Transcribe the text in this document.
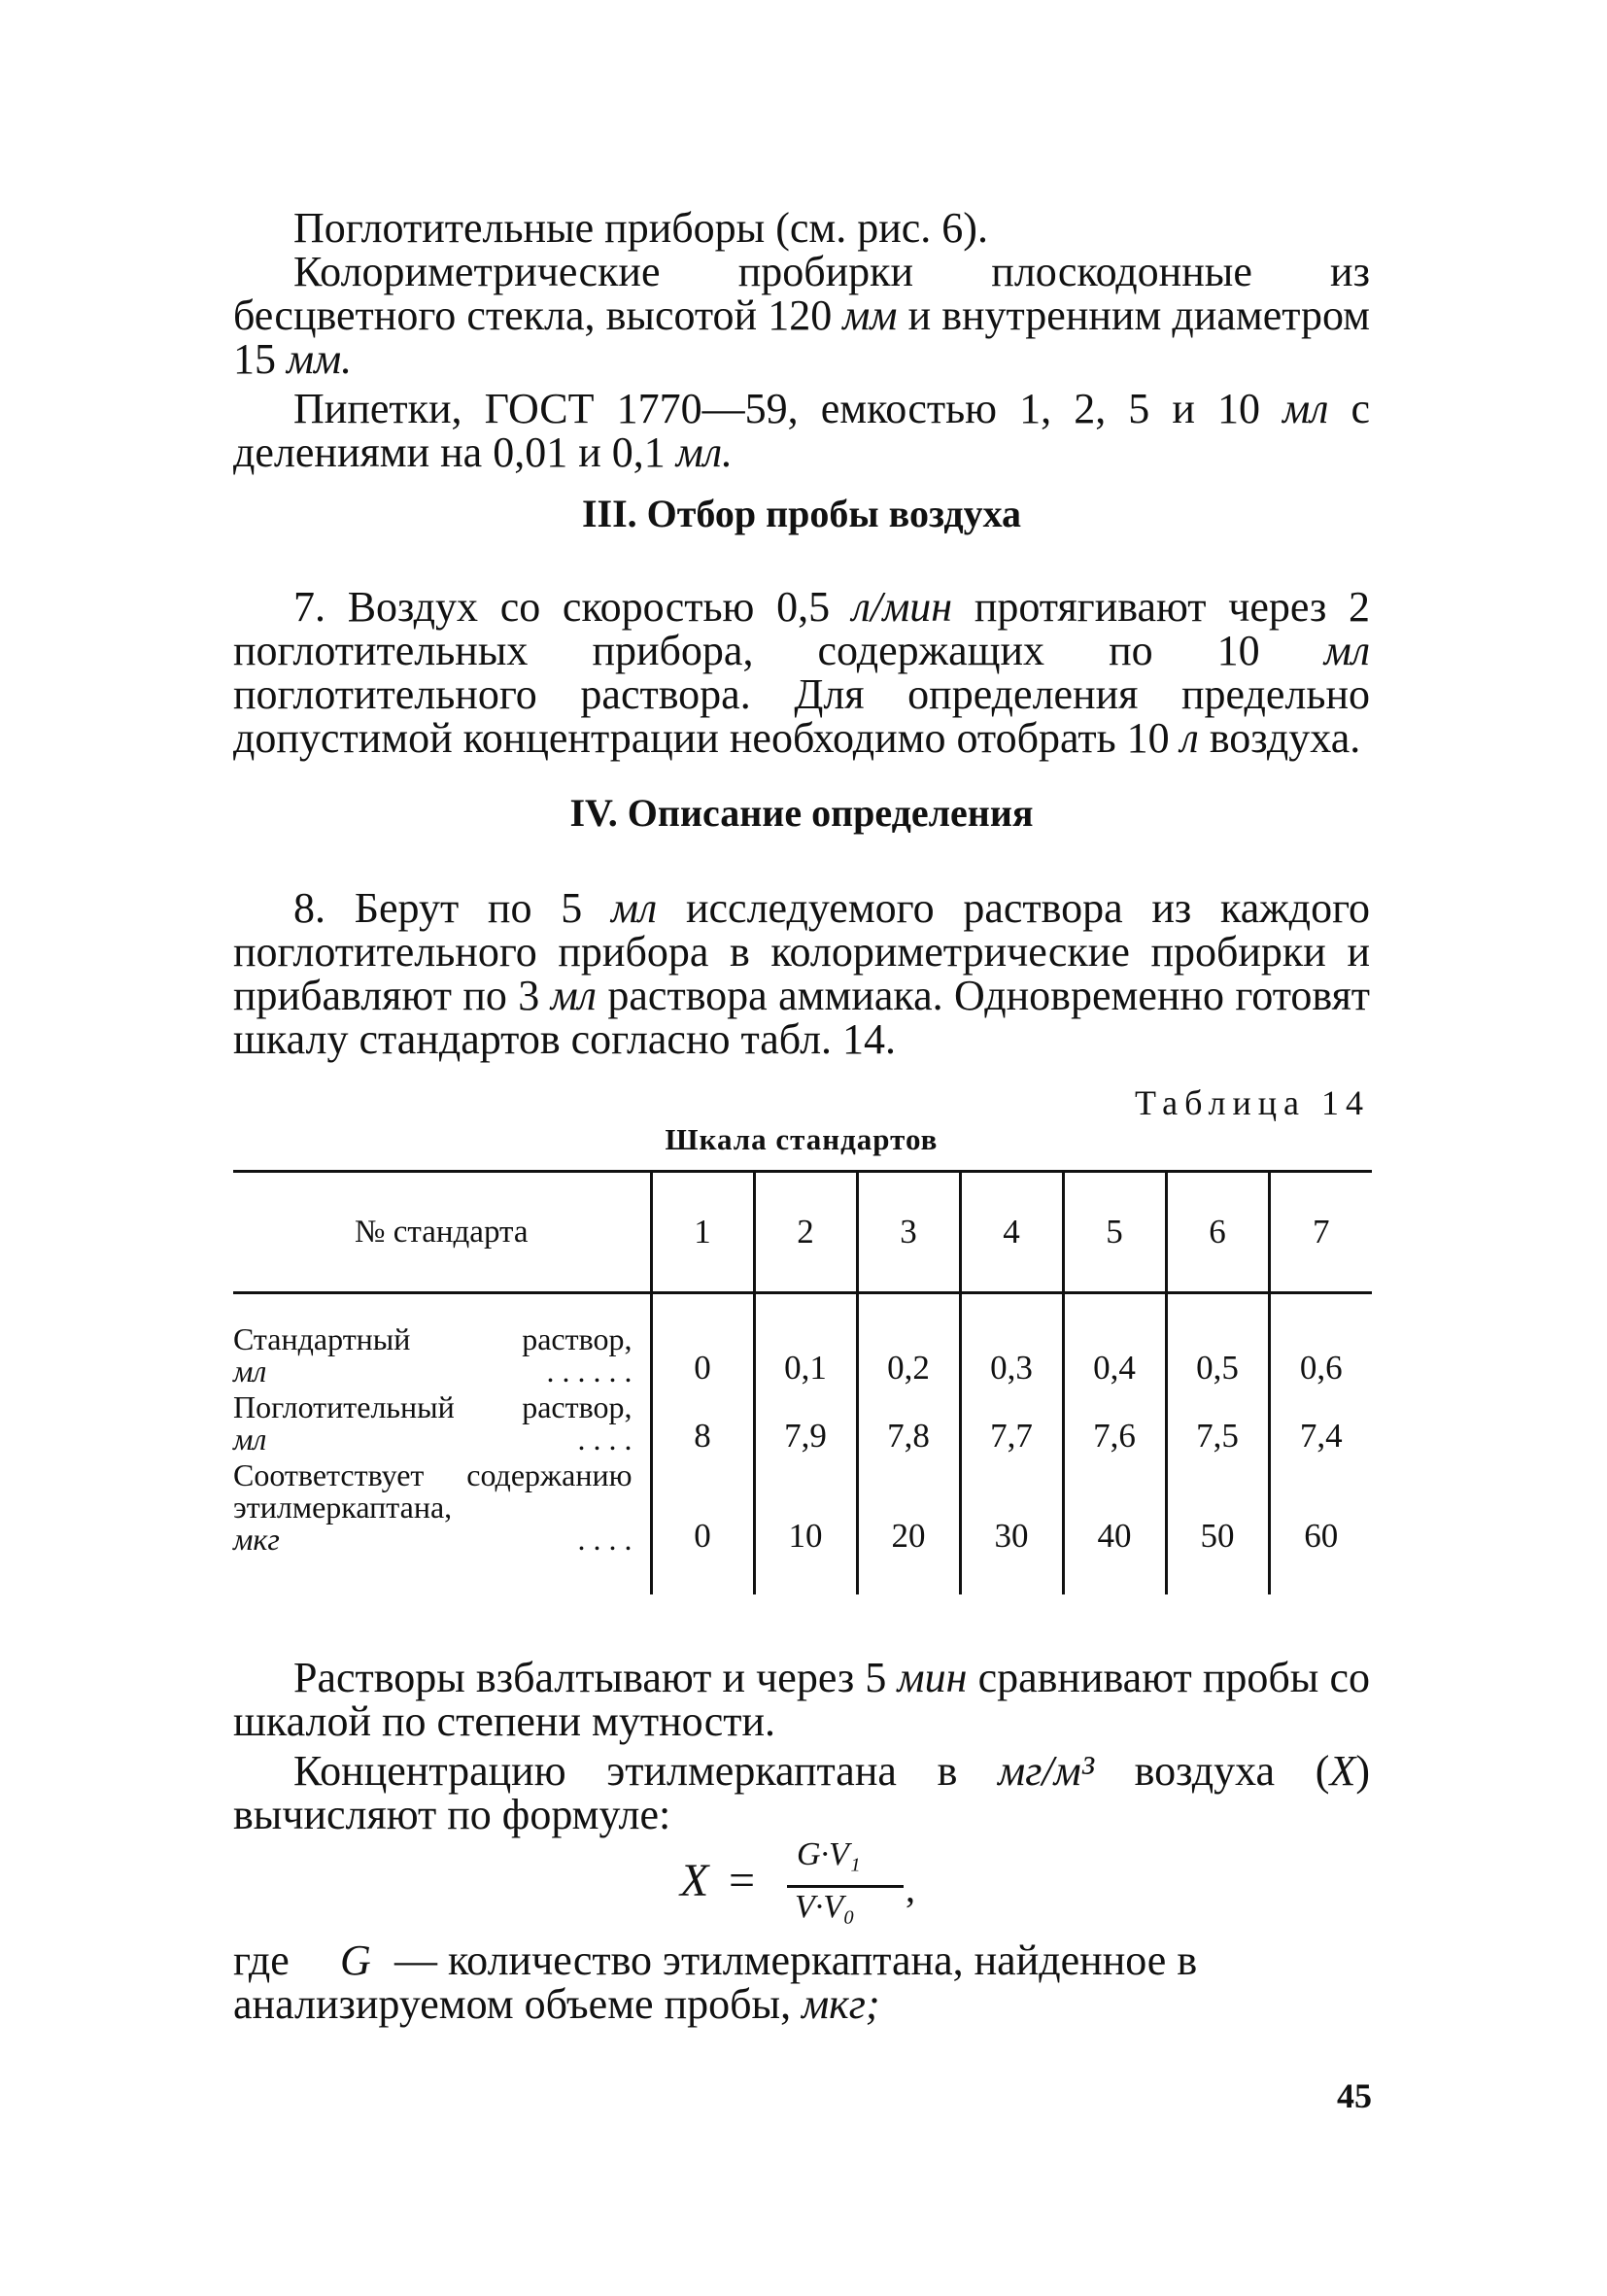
Поглотительные приборы (см. рис. 6).

Колориметрические пробирки плоскодонные из бесцветного стекла, высотой 120 мм и внутренним диаметром 15 мм.

Пипетки, ГОСТ 1770—59, емкостью 1, 2, 5 и 10 мл с делениями на 0,01 и 0,1 мл.

III. Отбор пробы воздуха

7. Воздух со скоростью 0,5 л/мин протягивают через 2 поглотительных прибора, содержащих по 10 мл поглотительного раствора. Для определения предельно допустимой концентрации необходимо отобрать 10 л воздуха.

IV. Описание определения

8. Берут по 5 мл исследуемого раствора из каждого поглотительного прибора в колориметрические пробирки и прибавляют по 3 мл раствора аммиака. Одновременно готовят шкалу стандартов согласно табл. 14.

Таблица 14
Шкала стандартов
№ стандарта	1	2	3	4	5	6	7

Стандартный раствор,
мл . . . . . .	0	0,1	0,2	0,3	0,4	0,5	0,6

Поглотительный раствор,
мл . . . .	8	7,9	7,8	7,7	7,6	7,5	7,4

Соответствует содержанию этилмеркаптана,
мкг . . . .	0	10	20	30	40	50	60

Растворы взбалтывают и через 5 мин сравнивают пробы со шкалой по степени мутности.

Концентрацию этилмеркаптана в мг/м³ воздуха (X) вычисляют по формуле:

X =
G·V₁
V·V₀ ,
где G — количество этилмеркаптана, найденное в анализируемом объеме пробы, мкг;
45
